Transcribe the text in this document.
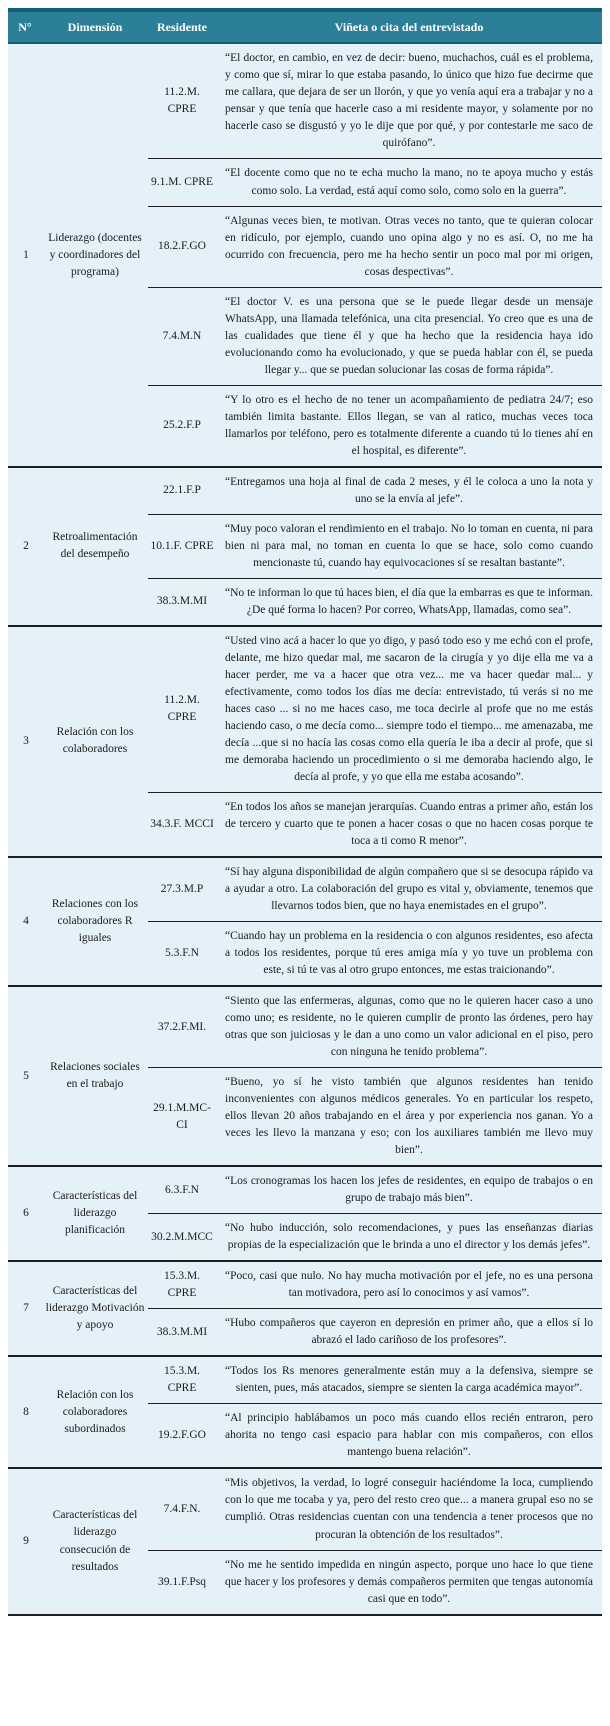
N°	Dimensión	Residente	Viñeta o cita del entrevistado
1	Liderazgo (docentes y coordinadores del programa)	11.2.M. CPRE	“El doctor, en cambio, en vez de decir: bueno, muchachos, cuál es el problema, y como que sí, mirar lo que estaba pasando, lo único que hizo fue decirme que me callara, que dejara de ser un llorón, y que yo venía aquí era a trabajar y no a pensar y que tenía que hacerle caso a mi residente mayor, y solamente por no hacerle caso se disgustó y yo le dije que por qué, y por contestarle me saco de quirófano”.
		9.1.M. CPRE	“El docente como que no te echa mucho la mano, no te apoya mucho y estás como solo. La verdad, está aquí como solo, como solo en la guerra”.
		18.2.F.GO	“Algunas veces bien, te motivan. Otras veces no tanto, que te quieran colocar en ridículo, por ejemplo, cuando uno opina algo y no es así. O, no me ha ocurrido con frecuencia, pero me ha hecho sentir un poco mal por mi origen, cosas despectivas”.
		7.4.M.N	“El doctor V. es una persona que se le puede llegar desde un mensaje WhatsApp, una llamada telefónica, una cita presencial. Yo creo que es una de las cualidades que tiene él y que ha hecho que la residencia haya ido evolucionando como ha evolucionado, y que se pueda hablar con él, se pueda llegar y... que se puedan solucionar las cosas de forma rápida”.
		25.2.F.P	“Y lo otro es el hecho de no tener un acompañamiento de pediatra 24/7; eso también limita bastante. Ellos llegan, se van al ratico, muchas veces toca llamarlos por teléfono, pero es totalmente diferente a cuando tú lo tienes ahí en el hospital, es diferente”.
2	Retroalimentación del desempeño	22.1.F.P	“Entregamos una hoja al final de cada 2 meses, y él le coloca a uno la nota y uno se la envía al jefe”.
		10.1.F. CPRE	“Muy poco valoran el rendimiento en el trabajo. No lo toman en cuenta, ni para bien ni para mal, no toman en cuenta lo que se hace, solo como cuando mencionaste tú, cuando hay equivocaciones sí se resaltan bastante”.
		38.3.M.MI	“No te informan lo que tú haces bien, el día que la embarras es que te informan. ¿De qué forma lo hacen? Por correo, WhatsApp, llamadas, como sea”.
3	Relación con los colaboradores	11.2.M. CPRE	“Usted vino acá a hacer lo que yo digo, y pasó todo eso y me echó con el profe, delante, me hizo quedar mal, me sacaron de la cirugía y yo dije ella me va a hacer perder, me va a hacer que otra vez... me va hacer quedar mal... y efectivamente, como todos los días me decía: entrevistado, tú verás si no me haces caso ... si no me haces caso, me toca decirle al profe que no me estás haciendo caso, o me decía como... siempre todo el tiempo... me amenazaba, me decía ...que si no hacía las cosas como ella quería le iba a decir al profe, que si me demoraba haciendo un procedimiento o si me demoraba haciendo algo, le decía al profe, y yo que ella me estaba acosando”.
		34.3.F. MCCI	“En todos los años se manejan jerarquías. Cuando entras a primer año, están los de tercero y cuarto que te ponen a hacer cosas o que no hacen cosas porque te toca a ti como R menor”.
4	Relaciones con los colaboradores R iguales	27.3.M.P	“Sí hay alguna disponibilidad de algún compañero que si se desocupa rápido va a ayudar a otro. La colaboración del grupo es vital y, obviamente, tenemos que llevarnos todos bien, que no haya enemistades en el grupo”.
		5.3.F.N	“Cuando hay un problema en la residencia o con algunos residentes, eso afecta a todos los residentes, porque tú eres amiga mía y yo tuve un problema con este, si tú te vas al otro grupo entonces, me estas traicionando”.
5	Relaciones sociales en el trabajo	37.2.F.MI.	“Siento que las enfermeras, algunas, como que no le quieren hacer caso a uno como uno; es residente, no le quieren cumplir de pronto las órdenes, pero hay otras que son juiciosas y le dan a uno como un valor adicional en el piso, pero con ninguna he tenido problema”.
		29.1.M.MC-CI	“Bueno, yo sí he visto también que algunos residentes han tenido inconvenientes con algunos médicos generales. Yo en particular los respeto, ellos llevan 20 años trabajando en el área y por experiencia nos ganan. Yo a veces les llevo la manzana y eso; con los auxiliares también me llevo muy bien”.
6	Características del liderazgo planificación	6.3.F.N	“Los cronogramas los hacen los jefes de residentes, en equipo de trabajos o en grupo de trabajo más bien”.
		30.2.M.MCC	“No hubo inducción, solo recomendaciones, y pues las enseñanzas diarias propias de la especialización que le brinda a uno el director y los demás jefes”.
7	Características del liderazgo Motivación y apoyo	15.3.M. CPRE	“Poco, casi que nulo. No hay mucha motivación por el jefe, no es una persona tan motivadora, pero así lo conocimos y así vamos”.
		38.3.M.MI	“Hubo compañeros que cayeron en depresión en primer año, que a ellos sí lo abrazó el lado cariñoso de los profesores”.
8	Relación con los colaboradores subordinados	15.3.M. CPRE	“Todos los Rs menores generalmente están muy a la defensiva, siempre se sienten, pues, más atacados, siempre se sienten la carga académica mayor”.
		19.2.F.GO	“Al principio hablábamos un poco más cuando ellos recién entraron, pero ahorita no tengo casi espacio para hablar con mis compañeros, con ellos mantengo buena relación”.
9	Características del liderazgo consecución de resultados	7.4.F.N.	“Mis objetivos, la verdad, lo logré conseguir haciéndome la loca, cumpliendo con lo que me tocaba y ya, pero del resto creo que... a manera grupal eso no se cumplió. Otras residencias cuentan con una tendencia a tener procesos que no procuran la obtención de los resultados”.
		39.1.F.Psq	“No me he sentido impedida en ningún aspecto, porque uno hace lo que tiene que hacer y los profesores y demás compañeros permiten que tengas autonomía casi que en todo”.
